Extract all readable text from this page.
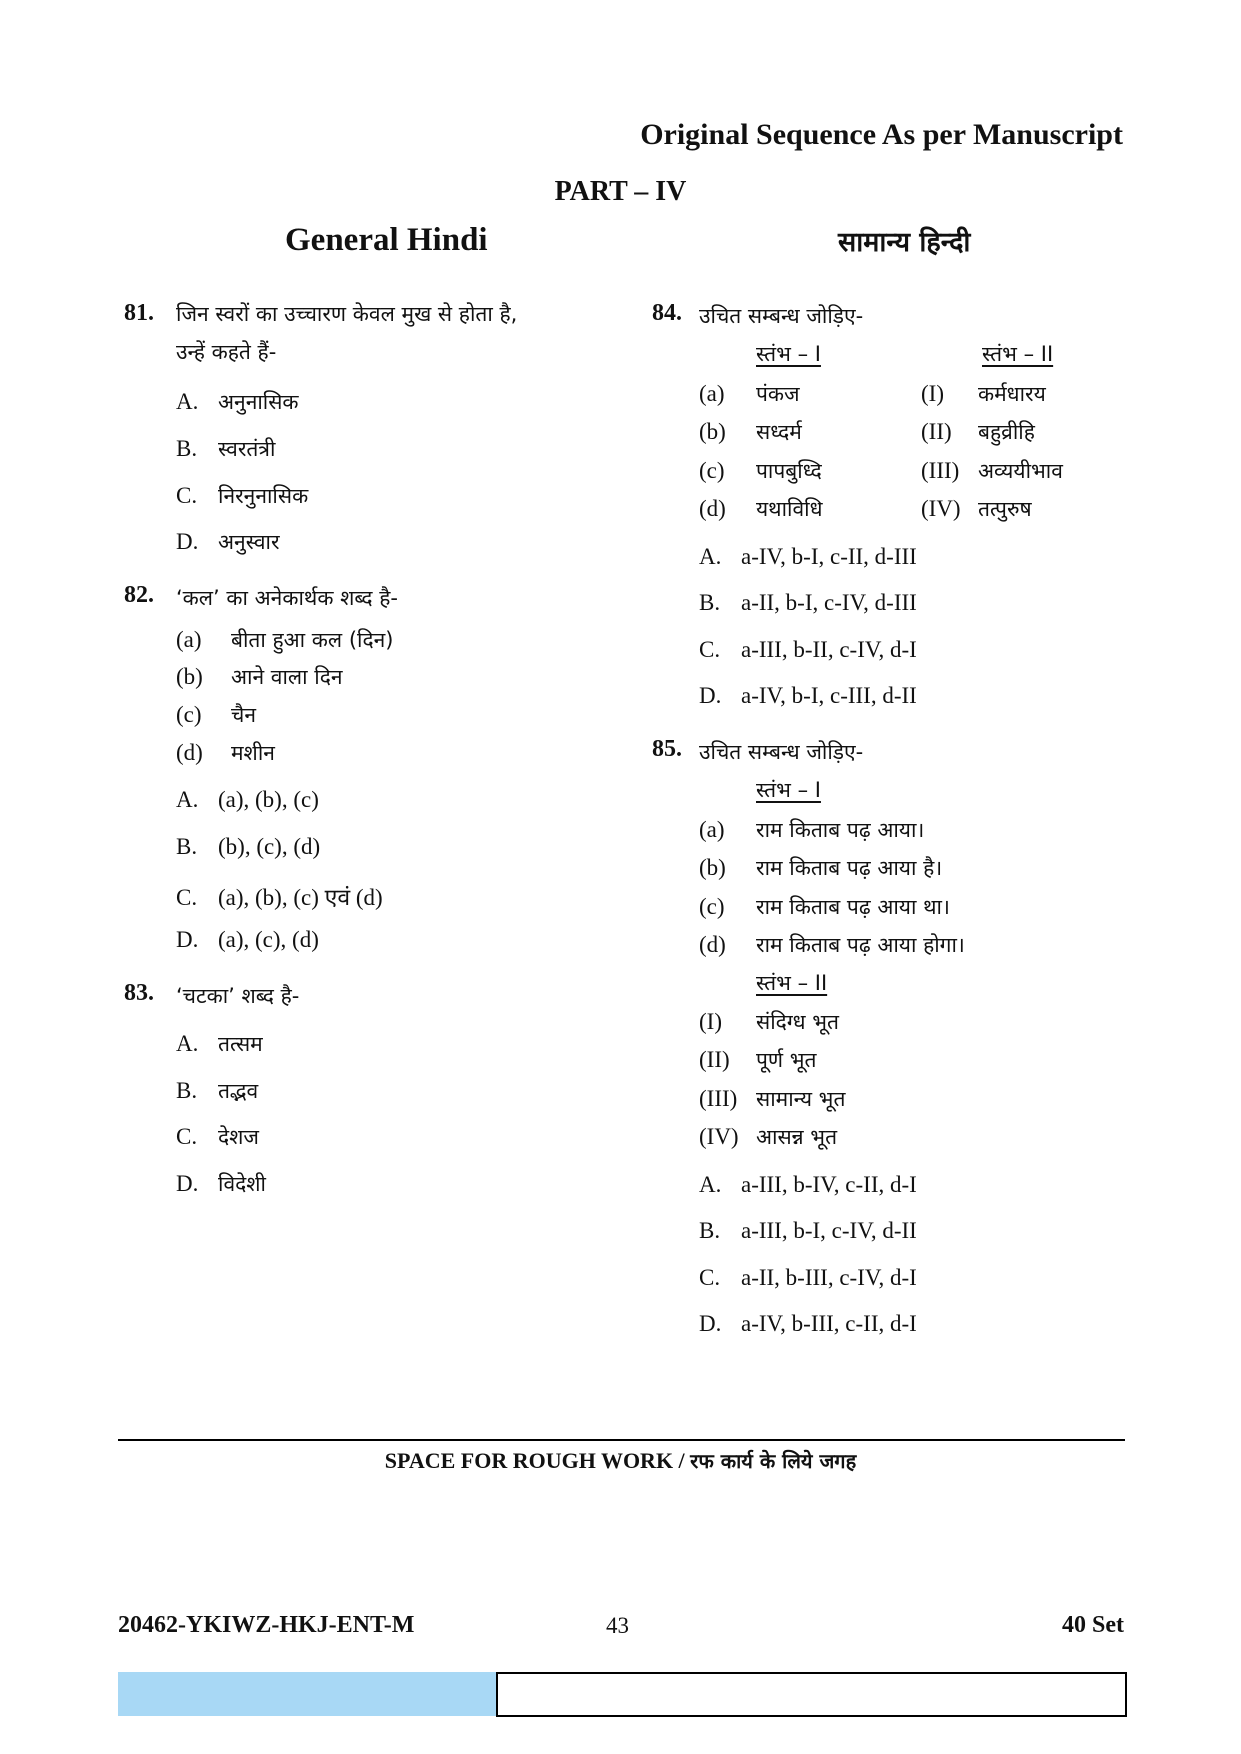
Original Sequence As per Manuscript
PART – IV
General Hindi	सामान्य हिन्दी
81. जिन स्वरों का उच्चारण केवल मुख से होता है,
उन्हें कहते हैं-
A. अनुनासिक
B. स्वरतंत्री
C. निरनुनासिक
D. अनुस्वार
82. ‘कल’ का अनेकार्थक शब्द है-
(a) बीता हुआ कल (दिन)
(b) आने वाला दिन
(c) चैन
(d) मशीन
A. (a), (b), (c)
B. (b), (c), (d)
C. (a), (b), (c) एवं (d)
D. (a), (c), (d)
83. ‘चटका’ शब्द है-
A. तत्सम
B. तद्भव
C. देशज
D. विदेशी
84. उचित सम्बन्ध जोड़िए-
स्तंभ – I	स्तंभ – II
(a) पंकज	(I) कर्मधारय
(b) सध्दर्म	(II) बहुव्रीहि
(c) पापबुध्दि	(III) अव्ययीभाव
(d) यथाविधि	(IV) तत्पुरुष
A. a-IV, b-I, c-II, d-III
B. a-II, b-I, c-IV, d-III
C. a-III, b-II, c-IV, d-I
D. a-IV, b-I, c-III, d-II
85. उचित सम्बन्ध जोड़िए-
स्तंभ – I
(a) राम किताब पढ़ आया।
(b) राम किताब पढ़ आया है।
(c) राम किताब पढ़ आया था।
(d) राम किताब पढ़ आया होगा।
स्तंभ – II
(I) संदिग्ध भूत
(II) पूर्ण भूत
(III) सामान्य भूत
(IV) आसन्न भूत
A. a-III, b-IV, c-II, d-I
B. a-III, b-I, c-IV, d-II
C. a-II, b-III, c-IV, d-I
D. a-IV, b-III, c-II, d-I
SPACE FOR ROUGH WORK / रफ कार्य के लिये जगह
20462-YKIWZ-HKJ-ENT-M	43	40 Set
